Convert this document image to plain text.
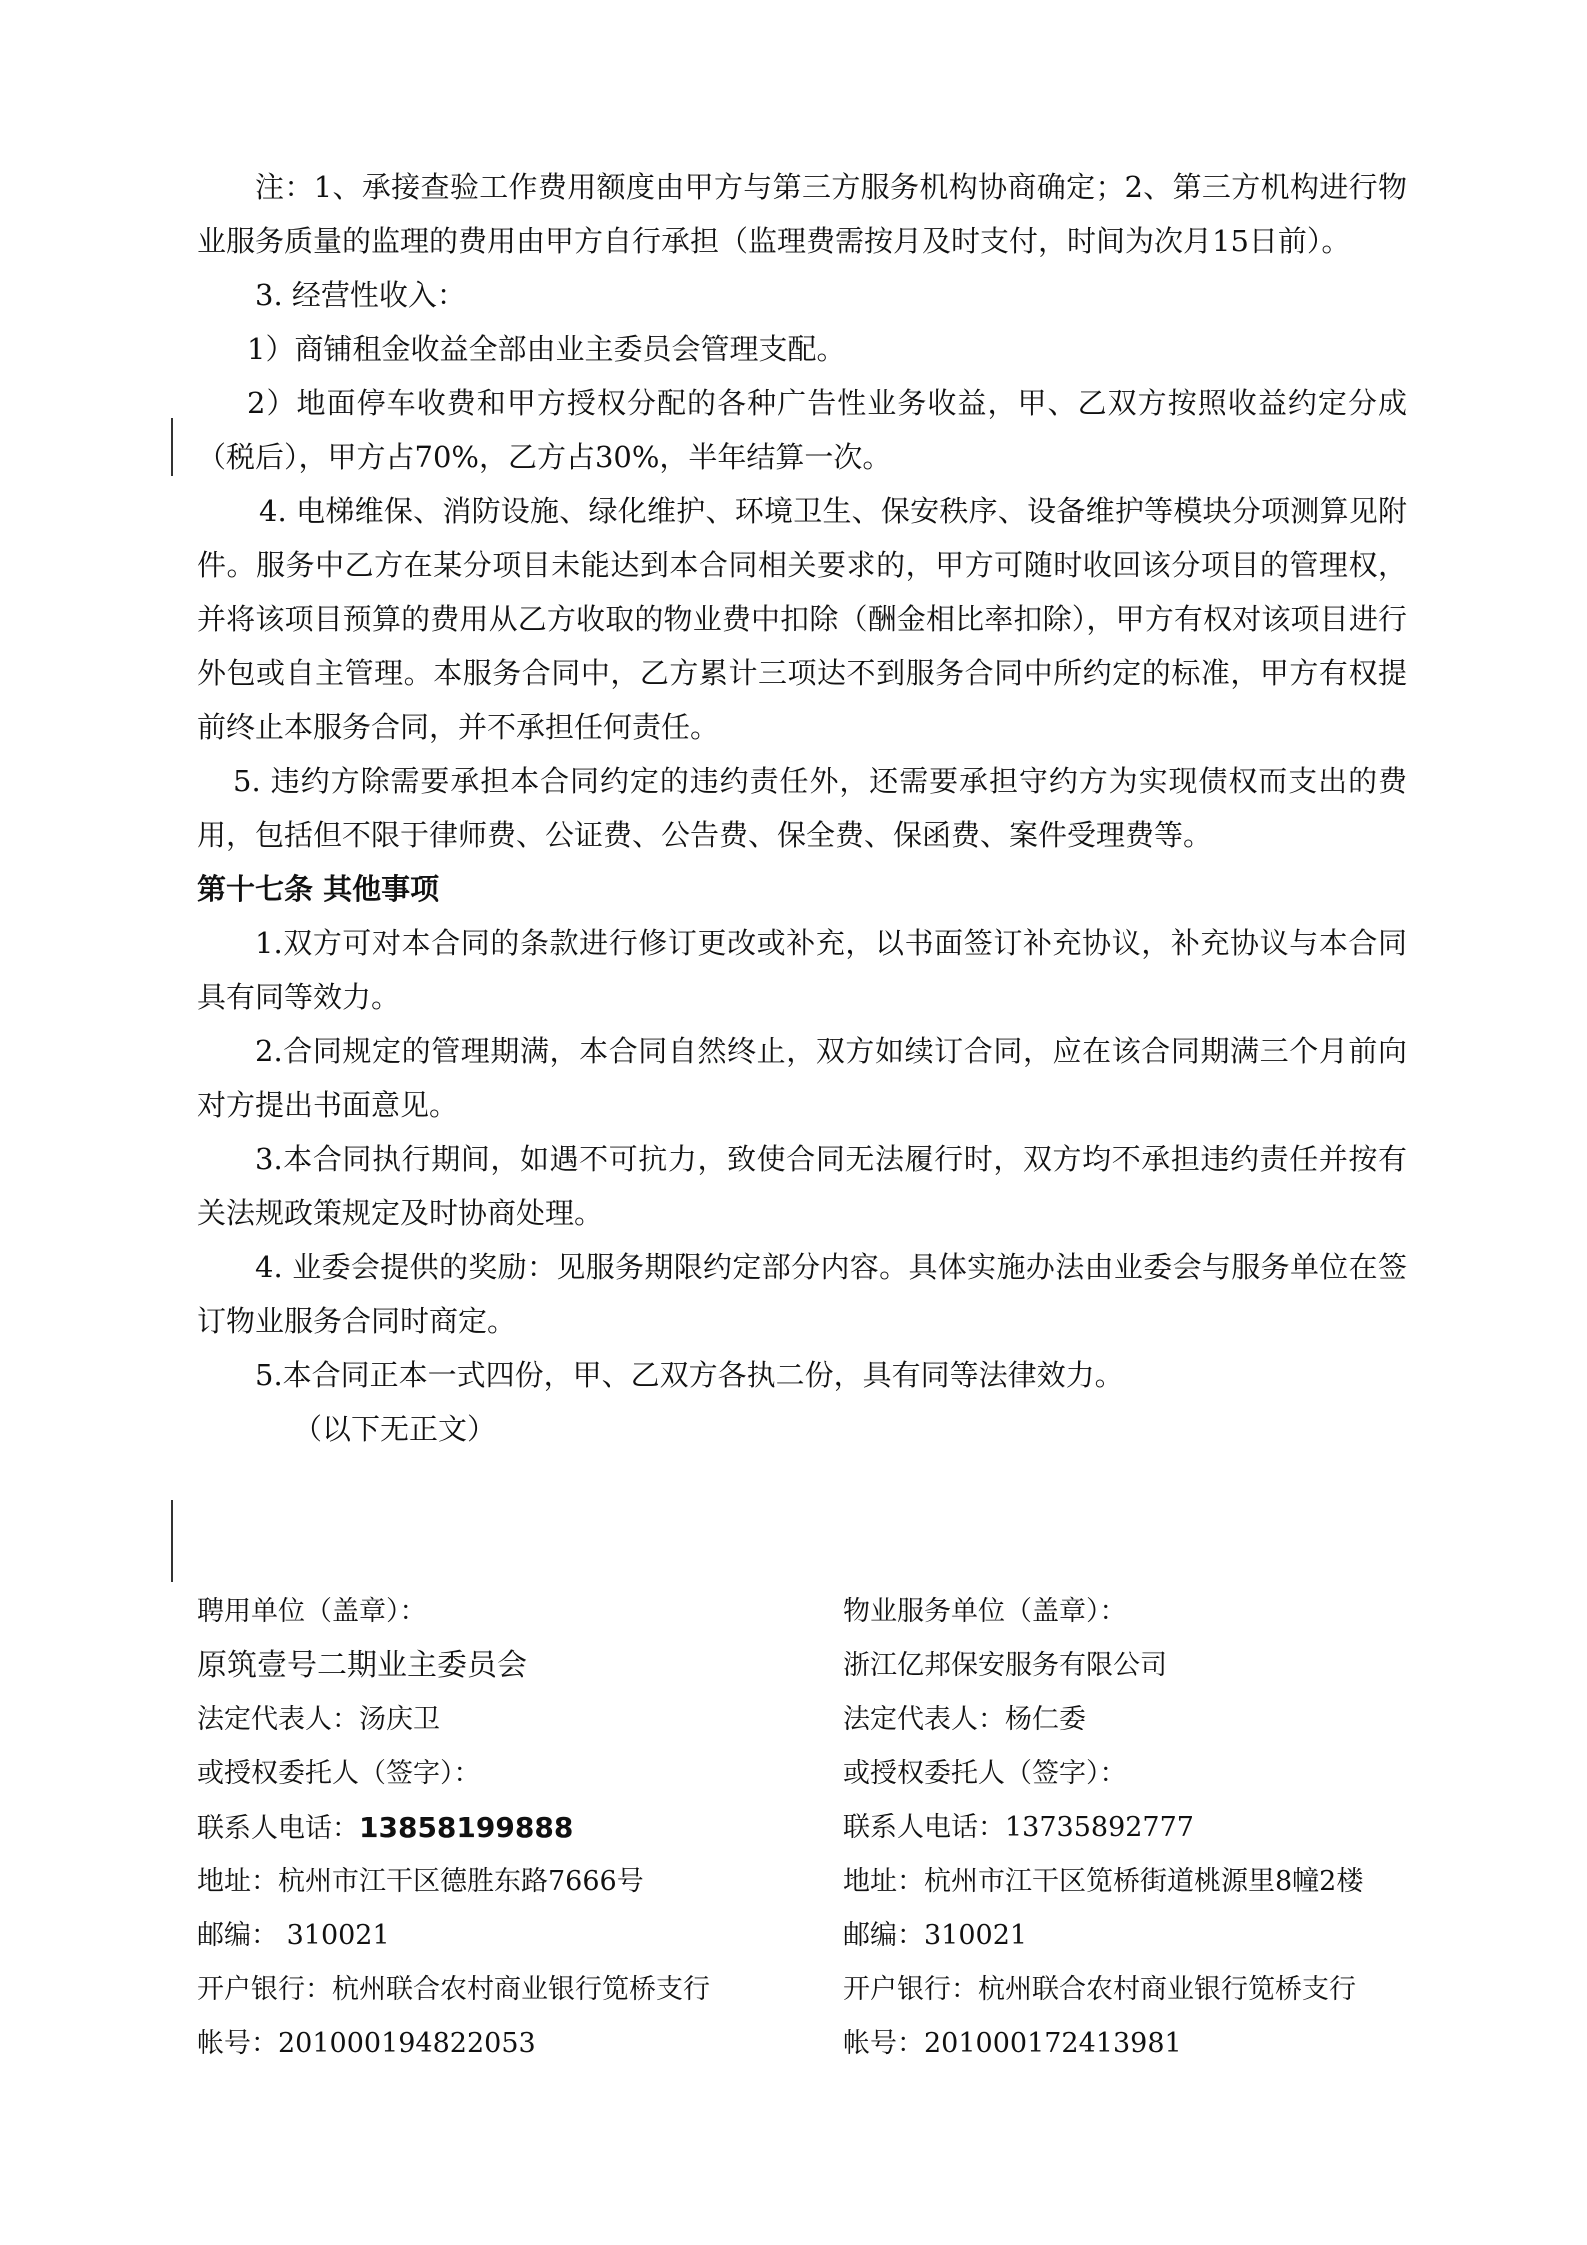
注：1、承接查验工作费用额度由甲方与第三方服务机构协商确定；2、第三方机构进行物业服务质量的监理的费用由甲方自行承担（监理费需按月及时支付，时间为次月15日前）。

3. 经营性收入：

1）商铺租金收益全部由业主委员会管理支配。

2）地面停车收费和甲方授权分配的各种广告性业务收益，甲、乙双方按照收益约定分成（税后），甲方占70%，乙方占30%，半年结算一次。

4. 电梯维保、消防设施、绿化维护、环境卫生、保安秩序、设备维护等模块分项测算见附件。服务中乙方在某分项目未能达到本合同相关要求的，甲方可随时收回该分项目的管理权，并将该项目预算的费用从乙方收取的物业费中扣除（酬金相比率扣除），甲方有权对该项目进行外包或自主管理。本服务合同中，乙方累计三项达不到服务合同中所约定的标准，甲方有权提前终止本服务合同，并不承担任何责任。

5. 违约方除需要承担本合同约定的违约责任外，还需要承担守约方为实现债权而支出的费用，包括但不限于律师费、公证费、公告费、保全费、保函费、案件受理费等。

第十七条 其他事项

1.双方可对本合同的条款进行修订更改或补充，以书面签订补充协议，补充协议与本合同具有同等效力。

2.合同规定的管理期满，本合同自然终止，双方如续订合同，应在该合同期满三个月前向对方提出书面意见。

3.本合同执行期间，如遇不可抗力，致使合同无法履行时，双方均不承担违约责任并按有关法规政策规定及时协商处理。

4. 业委会提供的奖励：见服务期限约定部分内容。具体实施办法由业委会与服务单位在签订物业服务合同时商定。

5.本合同正本一式四份，甲、乙双方各执二份，具有同等法律效力。

（以下无正文）

聘用单位（盖章）：

原筑壹号二期业主委员会

法定代表人：汤庆卫

或授权委托人（签字）：

联系人电话：13858199888

地址：杭州市江干区德胜东路7666号

邮编： 310021

开户银行：杭州联合农村商业银行笕桥支行

帐号：201000194822053

物业服务单位（盖章）：

浙江亿邦保安服务有限公司

法定代表人：杨仁委

或授权委托人（签字）：

联系人电话：13735892777

地址：杭州市江干区笕桥街道桃源里8幢2楼

邮编：310021

开户银行：杭州联合农村商业银行笕桥支行

帐号：201000172413981
